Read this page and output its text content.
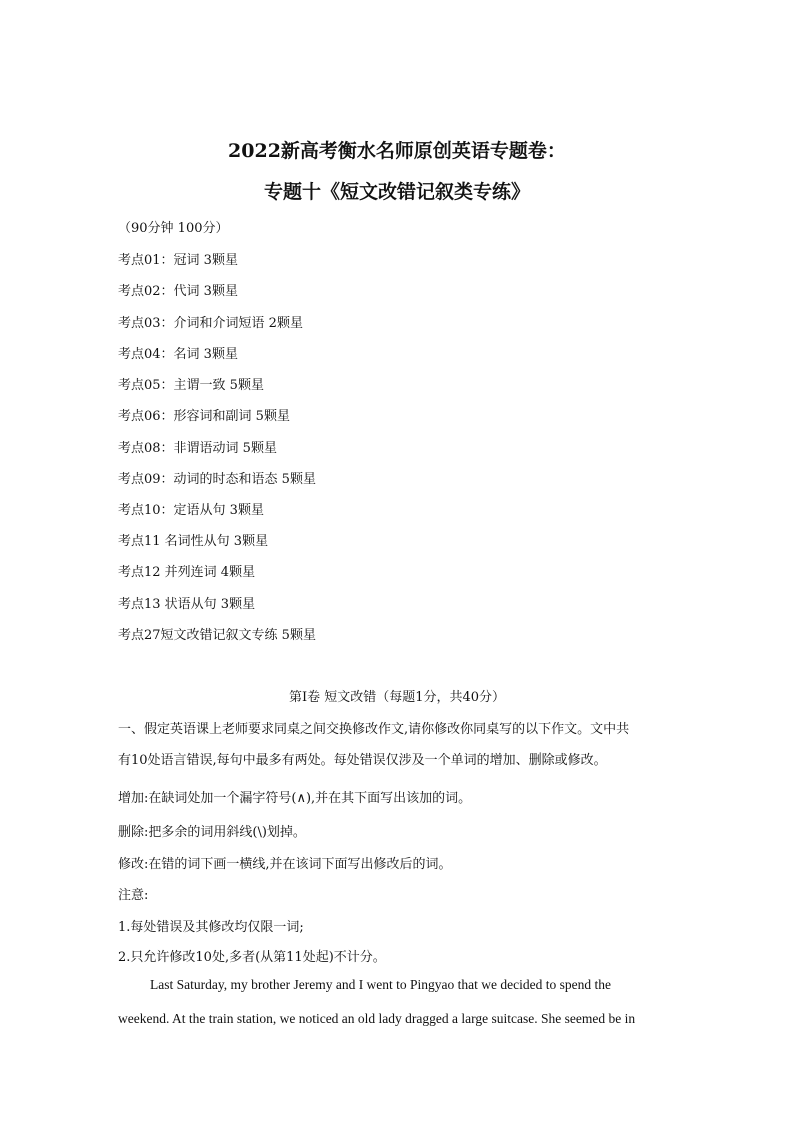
2022新高考衡水名师原创英语专题卷：
专题十《短文改错记叙类专练》
（90分钟 100分）
考点01：冠词 3颗星
考点02：代词 3颗星
考点03：介词和介词短语 2颗星
考点04：名词 3颗星
考点05：主谓一致 5颗星
考点06：形容词和副词 5颗星
考点08：非谓语动词 5颗星
考点09：动词的时态和语态 5颗星
考点10：定语从句 3颗星
考点11 名词性从句 3颗星
考点12 并列连词 4颗星
考点13 状语从句 3颗星
考点27短文改错记叙文专练 5颗星
第I卷 短文改错（每题1分，共40分）
一、假定英语课上老师要求同桌之间交换修改作文,请你修改你同桌写的以下作文。文中共
有10处语言错误,每句中最多有两处。每处错误仅涉及一个单词的增加、删除或修改。
增加:在缺词处加一个漏字符号(∧),并在其下面写出该加的词。
删除:把多余的词用斜线(\)划掉。
修改:在错的词下画一横线,并在该词下面写出修改后的词。
注意:
1.每处错误及其修改均仅限一词;
2.只允许修改10处,多者(从第11处起)不计分。
Last Saturday, my brother Jeremy and I went to Pingyao that we decided to spend the
weekend. At the train station, we noticed an old lady dragged a large suitcase. She seemed be in
